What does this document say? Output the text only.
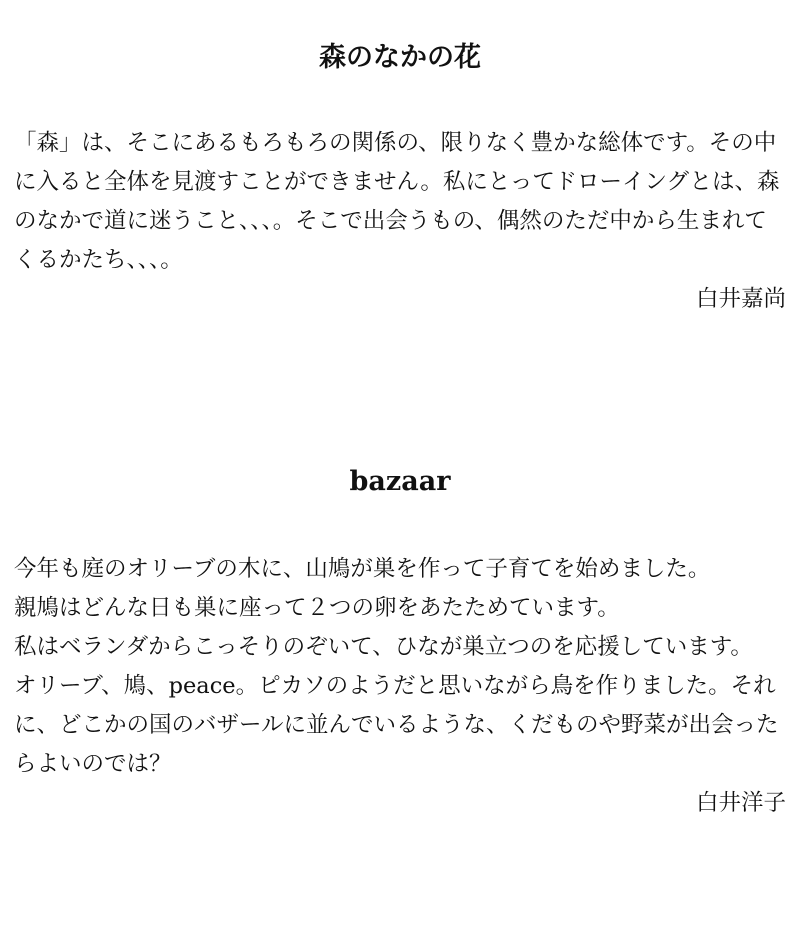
森のなかの花

「森」は、そこにあるもろもろの関係の、限りなく豊かな総体です。その中に入ると全体を見渡すことができません。私にとってドローイングとは、森のなかで道に迷うこと、、、。そこで出会うもの、偶然のただ中から生まれてくるかたち、、、。

白井嘉尚

bazaar

今年も庭のオリーブの木に、山鳩が巣を作って子育てを始めました。
親鳩はどんな日も巣に座って２つの卵をあたためています。
私はベランダからこっそりのぞいて、ひなが巣立つのを応援しています。
オリーブ、鳩、peace。ピカソのようだと思いながら鳥を作りました。それに、どこかの国のバザールに並んでいるような、くだものや野菜が出会ったらよいのでは？

白井洋子
